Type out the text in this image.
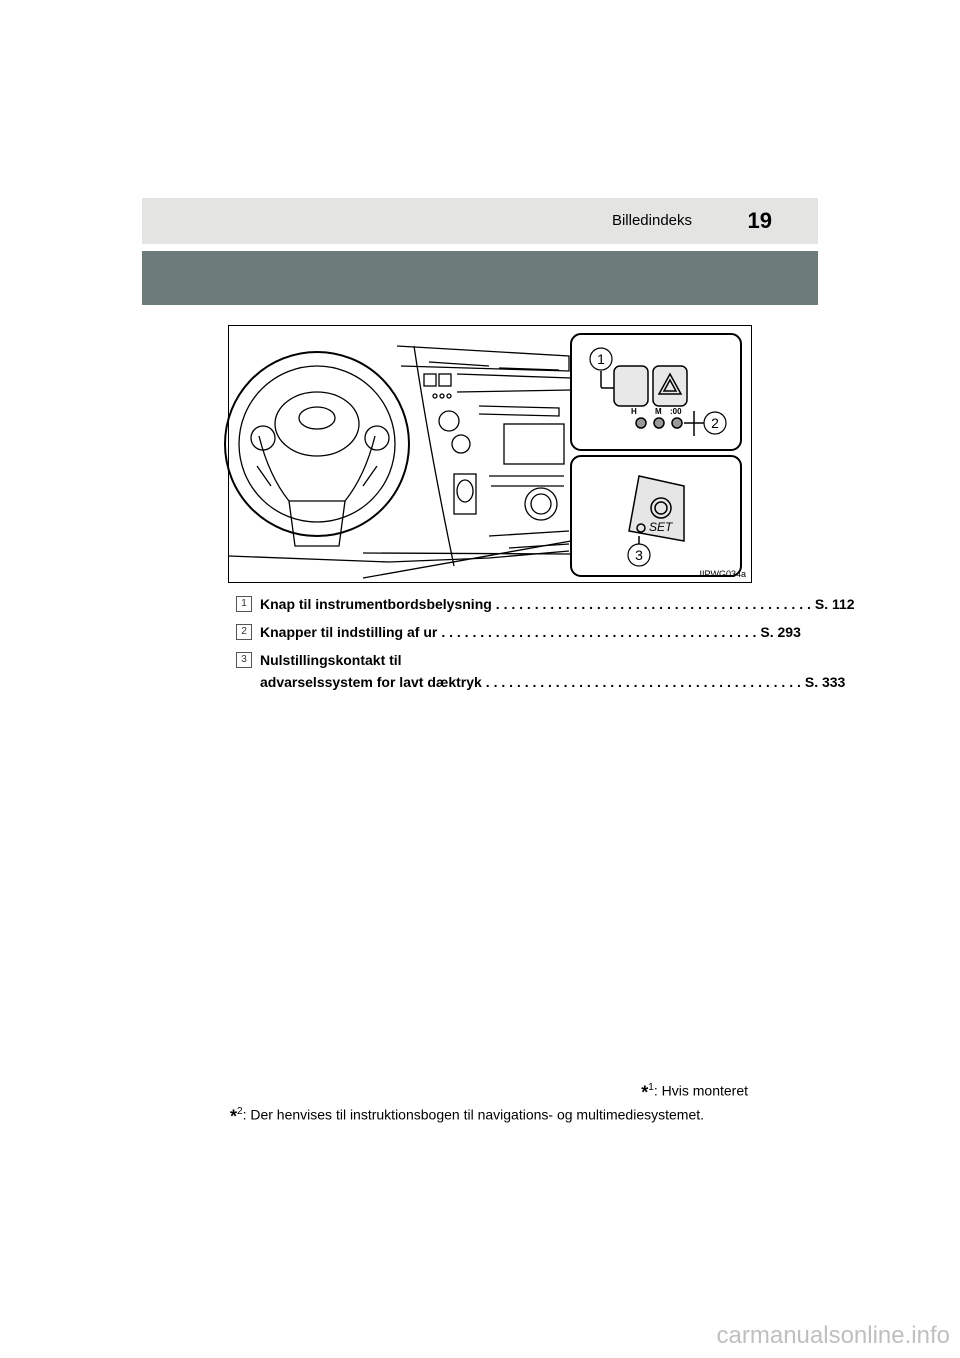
Billedindeks	19
H M :00
1
2
SET
3
IIPWG034a
1 Knap til instrumentbordsbelysning . . . . . . . . . . . . . . . . . . . . . . . . . . . . . . . . . . . . . . . . . S. 112
2 Knapper til indstilling af ur . . . . . . . . . . . . . . . . . . . . . . . . . . . . . . . . . . . . . . . . . S. 293
3 Nulstillingskontakt til
advarselssystem for lavt dæktryk . . . . . . . . . . . . . . . . . . . . . . . . . . . . . . . . . . . . . . . . . S. 333
*$^1$: Hvis monteret
*$^2$: Der henvises til instruktionsbogen til navigations- og multimediesystemet.
carmanualsonline.info
